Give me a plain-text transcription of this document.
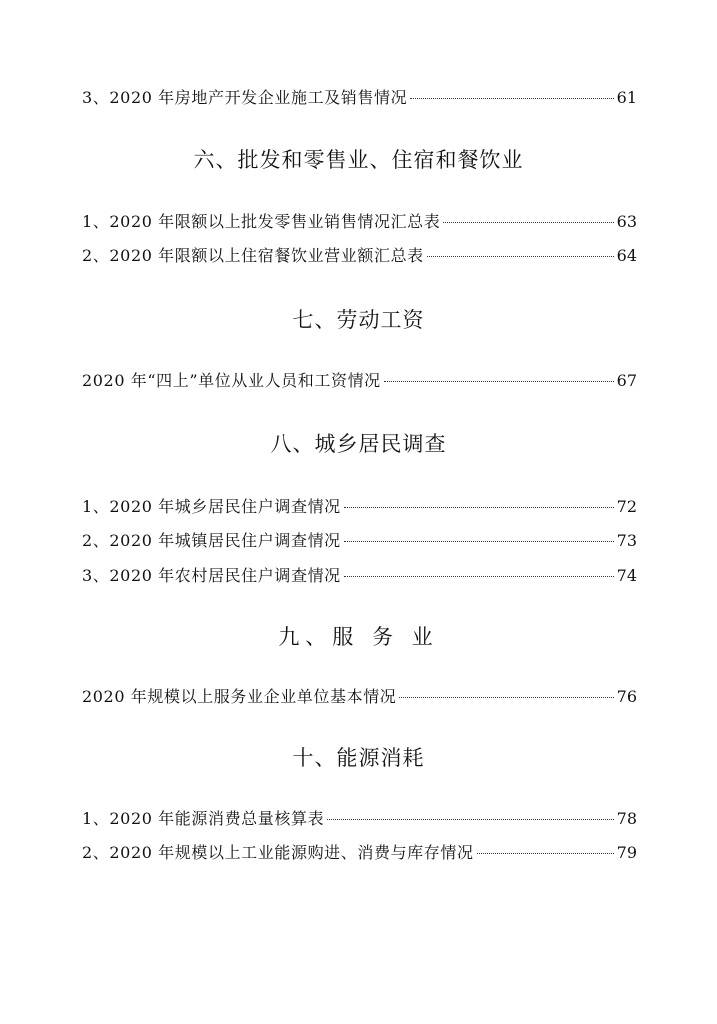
3、2020 年房地产开发企业施工及销售情况	61
六、批发和零售业、住宿和餐饮业
1、2020 年限额以上批发零售业销售情况汇总表	63
2、2020 年限额以上住宿餐饮业营业额汇总表	64
七、劳动工资
2020 年“四上”单位从业人员和工资情况	67
八、城乡居民调查
1、2020 年城乡居民住户调查情况	72
2、2020 年城镇居民住户调查情况	73
3、2020 年农村居民住户调查情况	74
九、服 务 业
2020 年规模以上服务业企业单位基本情况	76
十、能源消耗
1、2020 年能源消费总量核算表	78
2、2020 年规模以上工业能源购进、消费与库存情况	79
